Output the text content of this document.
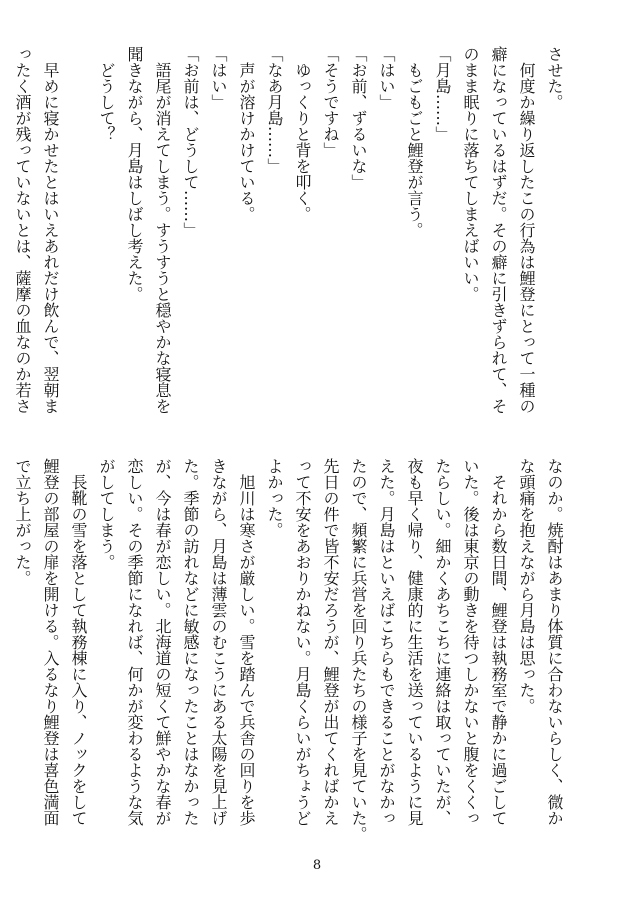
させた。

　何度か繰り返したこの行為は鯉登にとって一種の

癖になっているはずだ。その癖に引きずられて、そ

のまま眠りに落ちてしまえばいい。

「月島……」

　もごもごと鯉登が言う。

「はい」

「お前、ずるいな」

「そうですね」

　ゆっくりと背を叩く。

「なあ月島……」

　声が溶けかけている。

「はい」

「お前は、どうして……」

　語尾が消えてしまう。すうすうと穏やかな寝息を

聞きながら、月島はしばし考えた。

　どうして？

　早めに寝かせたとはいえあれだけ飲んで、翌朝ま

ったく酒が残っていないとは、薩摩の血なのか若さ

なのか。焼酎はあまり体質に合わないらしく、微か

な頭痛を抱えながら月島は思った。

　それから数日間、鯉登は執務室で静かに過ごして

いた。後は東京の動きを待つしかないと腹をくくっ

たらしい。細かくあちこちに連絡は取っていたが、

夜も早く帰り、健康的に生活を送っているように見

えた。月島はといえばこちらもできることがなかっ

たので、頻繁に兵営を回り兵たちの様子を見ていた。

先日の件で皆不安だろうが、鯉登が出てくればかえ

って不安をあおりかねない。月島くらいがちょうど

よかった。

　旭川は寒さが厳しい。雪を踏んで兵舎の回りを歩

きながら、月島は薄雲のむこうにある太陽を見上げ

た。季節の訪れなどに敏感になったことはなかった

が、今は春が恋しい。北海道の短くて鮮やかな春が

恋しい。その季節になれば、何かが変わるような気

がしてしまう。

　長靴の雪を落として執務棟に入り、ノックをして

鯉登の部屋の扉を開ける。入るなり鯉登は喜色満面

で立ち上がった。

8
